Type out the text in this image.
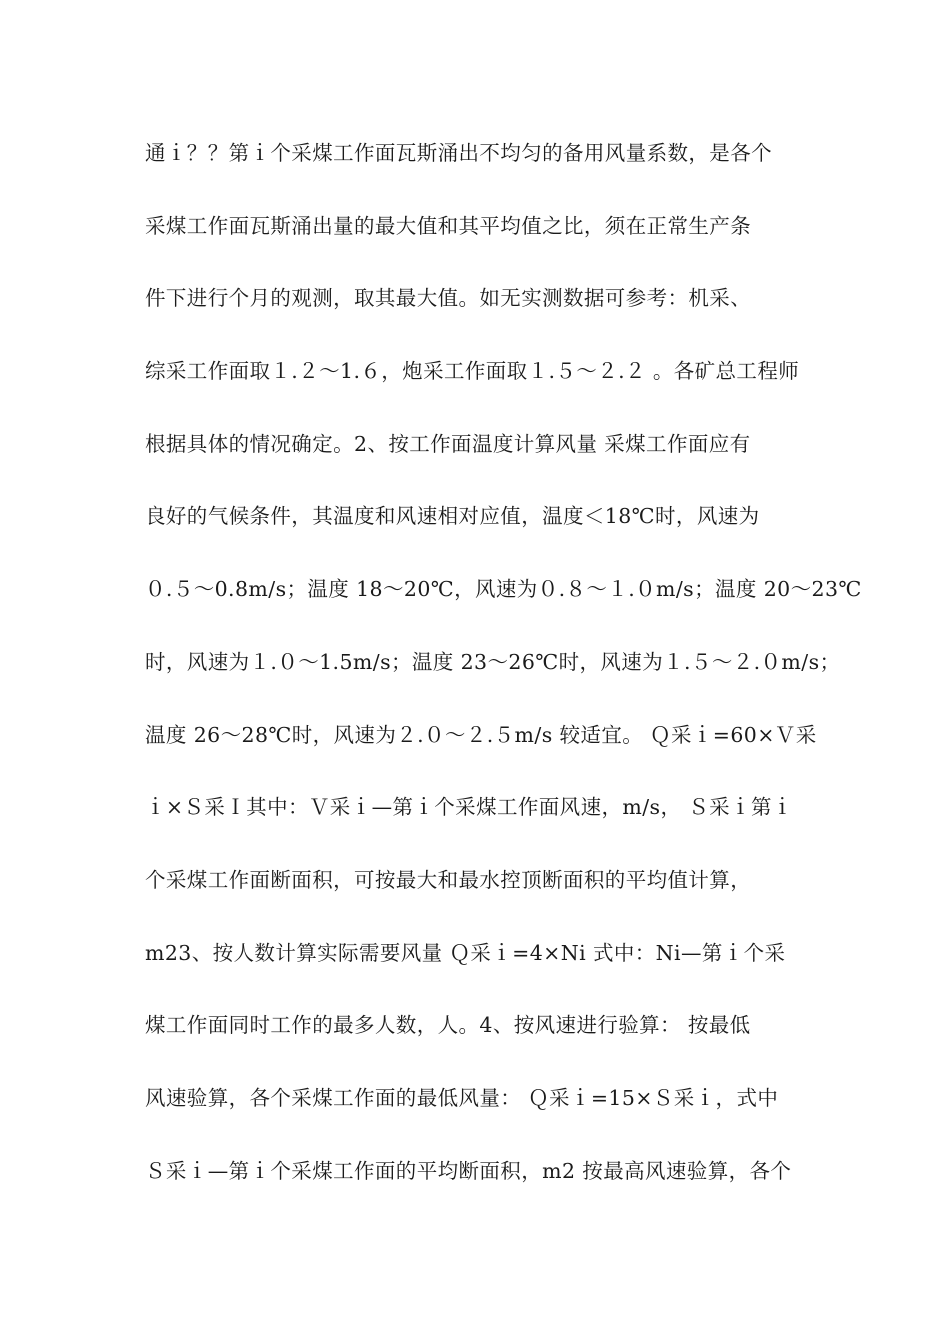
通ｉ？？第ｉ个采煤工作面瓦斯涌出不均匀的备用风量系数，是各个
采煤工作面瓦斯涌出量的最大值和其平均值之比，须在正常生产条
件下进行个月的观测，取其最大值。如无实测数据可参考：机采、
综采工作面取１.２～1.６，炮采工作面取１.５～２.２ 。各矿总工程师
根据具体的情况确定。2、按工作面温度计算风量 采煤工作面应有
良好的气候条件，其温度和风速相对应值，温度＜18℃时，风速为
０.５～0.8m/s；温度 18～20℃，风速为０.８～１.０m/s；温度 20～23℃
时，风速为１.０～1.5m/s；温度 23～26℃时，风速为１.５～２.０m/s；
温度 26～28℃时，风速为２.０～２.５m/s 较适宜。 Ｑ采ｉ=60×Ｖ采
ｉ×Ｓ采Ｉ其中：Ｖ采ｉ—第ｉ个采煤工作面风速，m/s， Ｓ采ｉ第ｉ
个采煤工作面断面积，可按最大和最水控顶断面积的平均值计算，
m23、按人数计算实际需要风量 Ｑ采ｉ=4×Ni 式中：Ni—第ｉ个采
煤工作面同时工作的最多人数，人。4、按风速进行验算： 按最低
风速验算，各个采煤工作面的最低风量： Ｑ采ｉ=15×Ｓ采ｉ，式中
Ｓ采ｉ—第ｉ个采煤工作面的平均断面积，m2 按最高风速验算，各个
